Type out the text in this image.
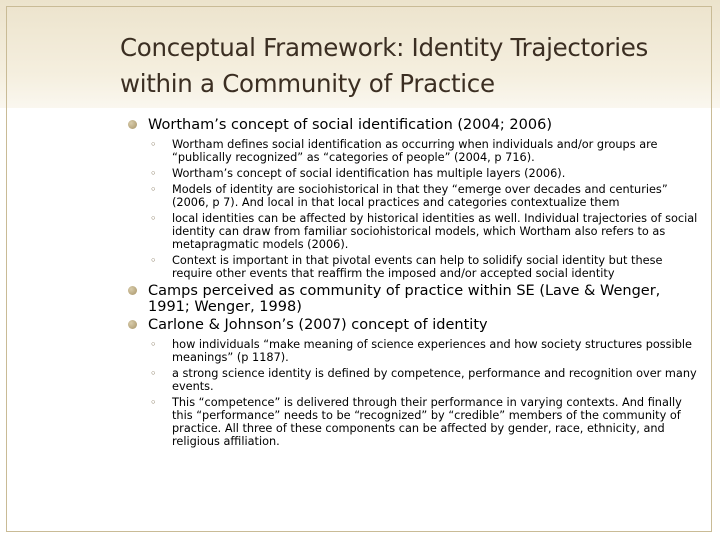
Conceptual Framework: Identity Trajectories within a Community of Practice
Wortham’s concept of social identification (2004; 2006)
◦ Wortham defines social identification as occurring when individuals and/or groups are “publically recognized” as “categories of people” (2004, p 716).
◦ Wortham’s concept of social identification has multiple layers (2006).
◦ Models of identity are sociohistorical in that they “emerge over decades and centuries” (2006, p 7). And local in that local practices and categories contextualize them
◦ local identities can be affected by historical identities as well. Individual trajectories of social identity can draw from familiar sociohistorical models, which Wortham also refers to as metapragmatic models (2006).
◦ Context is important in that pivotal events can help to solidify social identity but these require other events that reaffirm the imposed and/or accepted social identity
Camps perceived as community of practice within SE (Lave & Wenger, 1991; Wenger, 1998)
Carlone & Johnson’s (2007) concept of identity
◦ how individuals “make meaning of science experiences and how society structures possible meanings” (p 1187).
◦ a strong science identity is defined by competence, performance and recognition over many events.
◦ This “competence” is delivered through their performance in varying contexts. And finally this “performance” needs to be “recognized” by “credible” members of the community of practice. All three of these components can be affected by gender, race, ethnicity, and religious affiliation.
